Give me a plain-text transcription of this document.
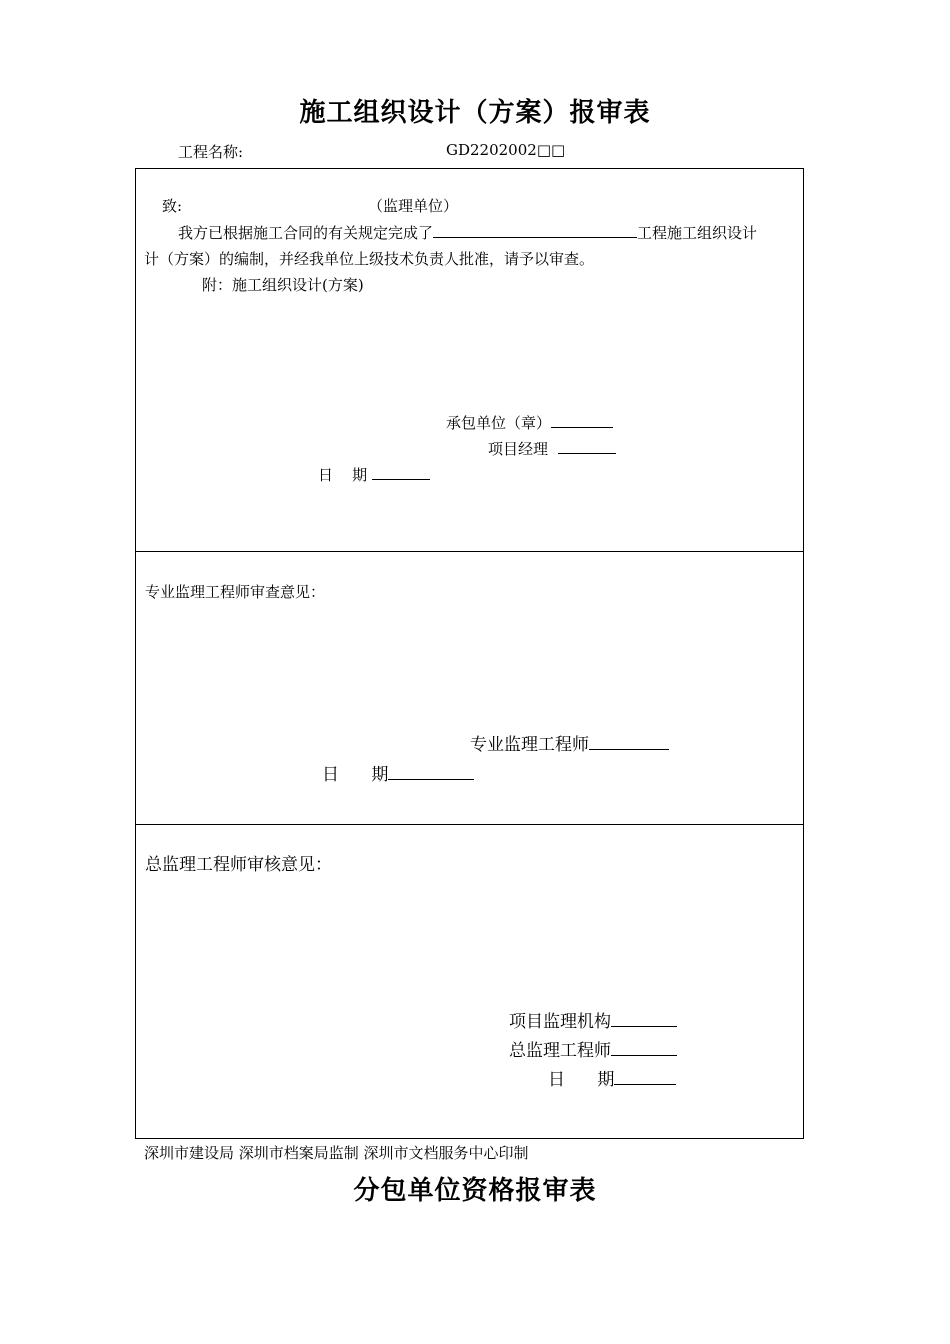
施工组织设计（方案）报审表
工程名称:	GD2202002□□
致:	（监理单位）
我方已根据施工合同的有关规定完成了	工程施工组织设计
计（方案）的编制，并经我单位上级技术负责人批准，请予以审查。
附：施工组织设计(方案)
承包单位（章）
项目经理
日    期
专业监理工程师审查意见：
专业监理工程师
日      期
总监理工程师审核意见：
项目监理机构
总监理工程师
日      期
深圳市建设局 深圳市档案局监制 深圳市文档服务中心印制
分包单位资格报审表
